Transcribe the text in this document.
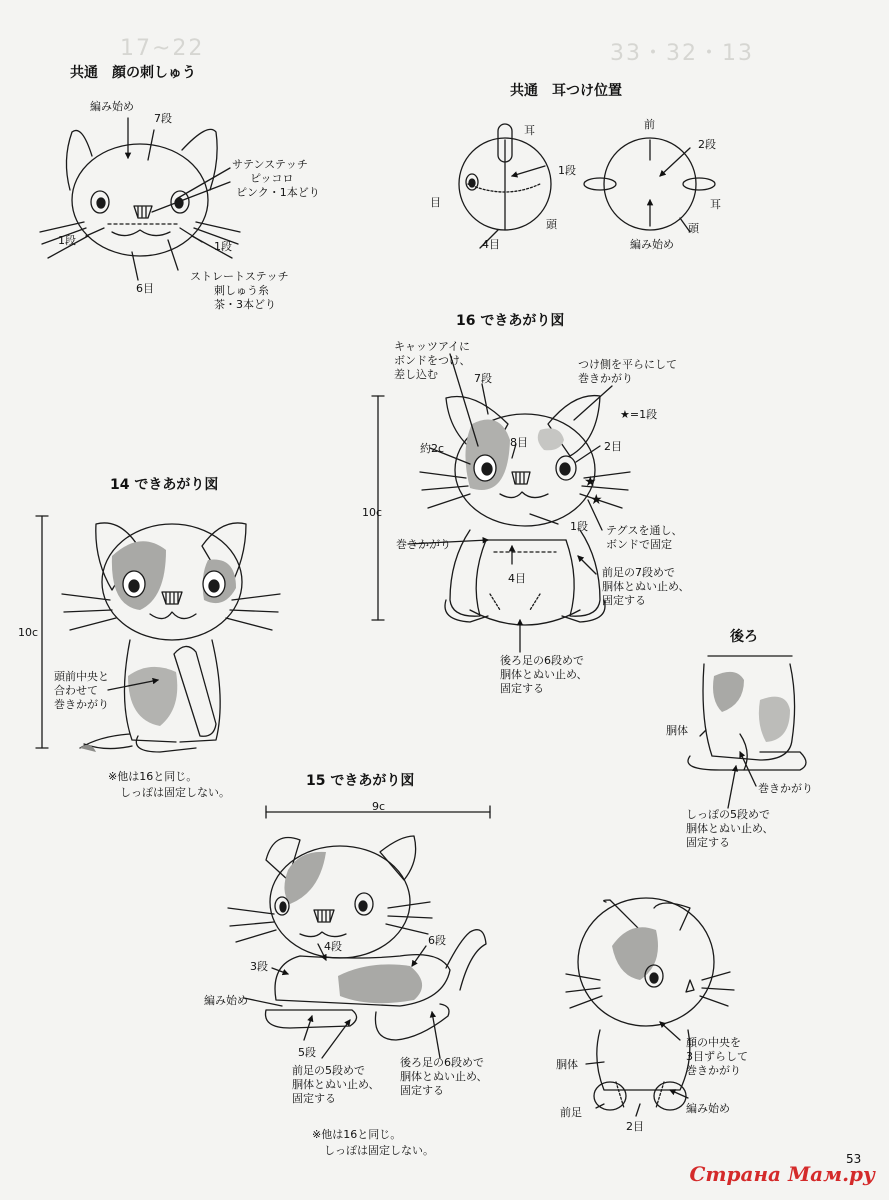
17~22	33・32・13
★
★
共通　顔の刺しゅう
編み始め
7段
サテンステッチ
ピッコロ
ピンク・1本どり
1段	1段
6目
ストレートステッチ
刺しゅう糸
茶・3本どり
共通　耳つけ位置
耳
1段
目
頭
4目
前
2段
耳
頭
編み始め
16 できあがり図
キャッツアイに
ボンドをつけ、
差し込む	7段
つけ側を平らにして
巻きかがり
★=1段
約2c	8目	2目
10c
1段 テグスを通し、
ボンドで固定
巻きかがり
4目	前足の7段めで
胴体とぬい止め、
固定する
後ろ足の6段めで
胴体とぬい止め、
固定する
14 できあがり図
10c
頭前中央と
合わせて
巻きかがり
※他は16と同じ。
しっぽは固定しない。
後ろ
胴体
巻きかがり
しっぽの5段めで
胴体とぬい止め、
固定する
15 できあがり図
9c
4段	6段
3段
編み始め
5段
前足の5段めで
胴体とぬい止め、
固定する
後ろ足の6段めで
胴体とぬい止め、
固定する
※他は16と同じ。
しっぽは固定しない。
顔の中央を
3目ずらして
巻きかがり
胴体
前足	編み始め
2目
53
Страна Мам.ру
